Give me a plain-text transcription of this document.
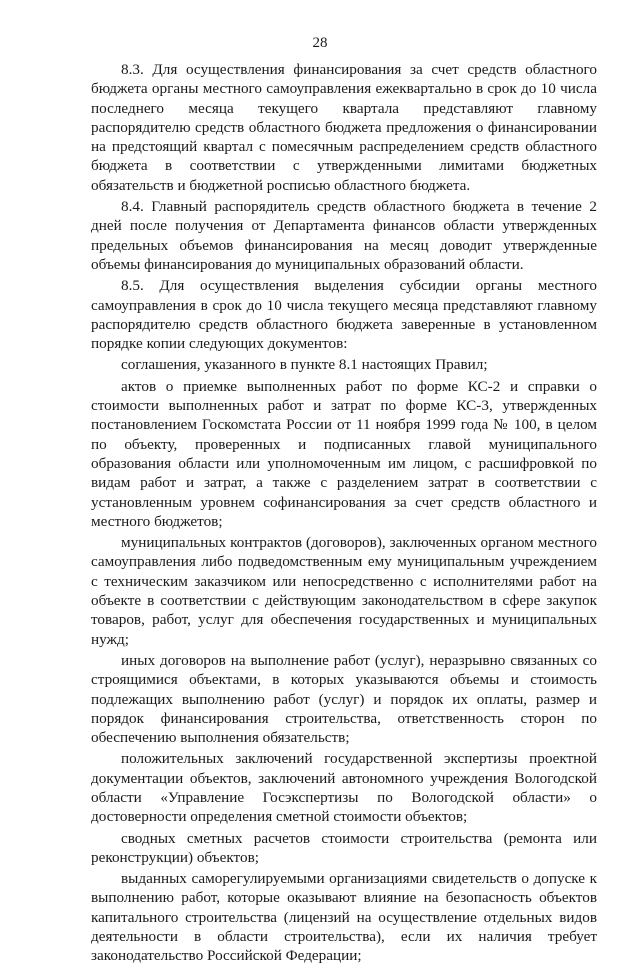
28

8.3. Для осуществления финансирования за счет средств областного бюджета органы местного самоуправления ежеквартально в срок до 10 числа последнего месяца текущего квартала представляют главному распорядителю средств областного бюджета предложения о финансировании на предстоящий квартал с помесячным распределением средств областного бюджета в соответствии с утвержденными лимитами бюджетных обязательств и бюджетной росписью областного бюджета.

8.4. Главный распорядитель средств областного бюджета в течение 2 дней после получения от Департамента финансов области утвержденных предельных объемов финансирования на месяц доводит утвержденные объемы финансирования до муниципальных образований области.

8.5. Для осуществления выделения субсидии органы местного самоуправления в срок до 10 числа текущего месяца представляют главному распорядителю средств областного бюджета заверенные в установленном порядке копии следующих документов:

соглашения, указанного в пункте 8.1 настоящих Правил;

актов о приемке выполненных работ по форме КС-2 и справки о стоимости выполненных работ и затрат по форме КС-3, утвержденных постановлением Госкомстата России от 11 ноября 1999 года № 100, в целом по объекту, проверенных и подписанных главой муниципального образования области или уполномоченным им лицом, с расшифровкой по видам работ и затрат, а также с разделением затрат в соответствии с установленным уровнем софинансирования за счет средств областного и местного бюджетов;

муниципальных контрактов (договоров), заключенных органом местного самоуправления либо подведомственным ему муниципальным учреждением с техническим заказчиком или непосредственно с исполнителями работ на объекте в соответствии с действующим законодательством в сфере закупок товаров, работ, услуг для обеспечения государственных и муниципальных нужд;

иных договоров на выполнение работ (услуг), неразрывно связанных со строящимися объектами, в которых указываются объемы и стоимость подлежащих выполнению работ (услуг) и порядок их оплаты, размер и порядок финансирования строительства, ответственность сторон по обеспечению выполнения обязательств;

положительных заключений государственной экспертизы проектной документации объектов, заключений автономного учреждения Вологодской области «Управление Госэкспертизы по Вологодской области» о достоверности определения сметной стоимости объектов;

сводных сметных расчетов стоимости строительства (ремонта или реконструкции) объектов;

выданных саморегулируемыми организациями свидетельств о допуске к выполнению работ, которые оказывают влияние на безопасность объектов капитального строительства (лицензий на осуществление отдельных видов деятельности в области строительства), если их наличия требует законодательство Российской Федерации;
